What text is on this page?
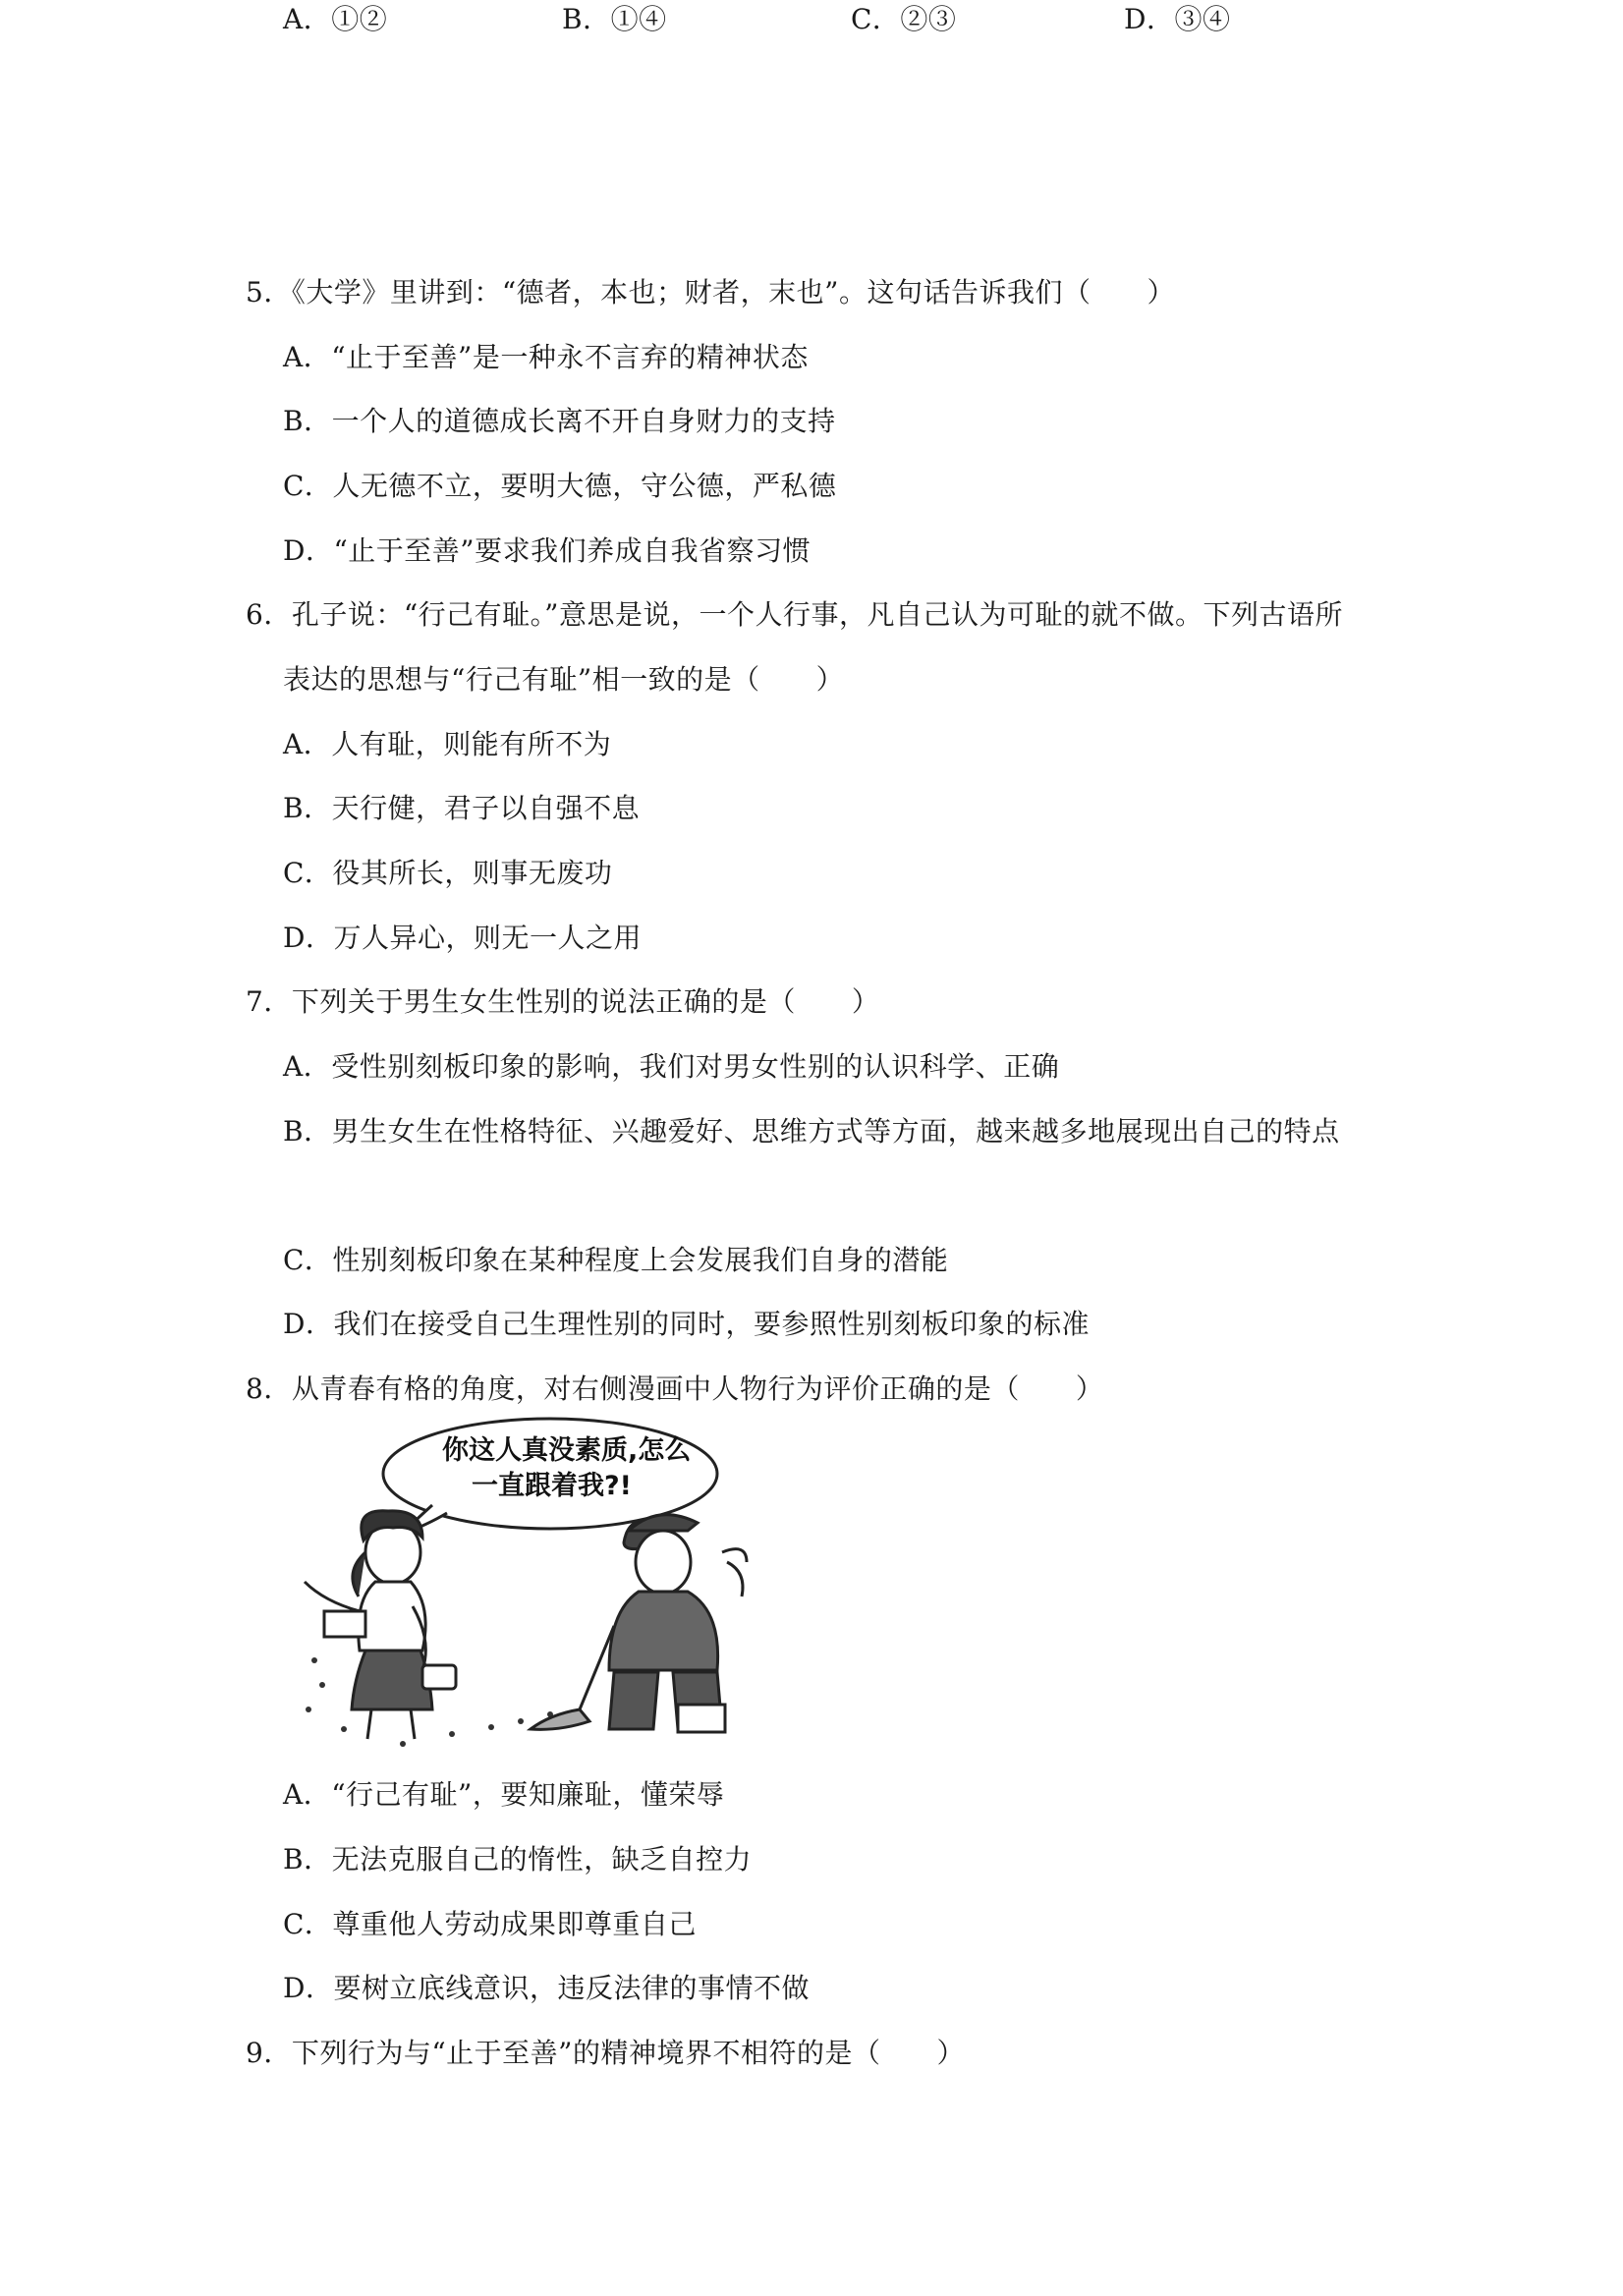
A．①②	B．①④	C．②③	D．③④
5．《大学》里讲到：“德者，本也；财者，末也”。这句话告诉我们（　　）
A．“止于至善”是一种永不言弃的精神状态
B．一个人的道德成长离不开自身财力的支持
C．人无德不立，要明大德，守公德，严私德
D．“止于至善”要求我们养成自我省察习惯
6．孔子说：“行己有耻。”意思是说，一个人行事，凡自己认为可耻的就不做。下列古语所
表达的思想与“行己有耻”相一致的是（　　）
A．人有耻，则能有所不为
B．天行健，君子以自强不息
C．役其所长，则事无废功
D．万人异心，则无一人之用
7．下列关于男生女生性别的说法正确的是（　　）
A．受性别刻板印象的影响，我们对男女性别的认识科学、正确
B．男生女生在性格特征、兴趣爱好、思维方式等方面，越来越多地展现出自己的特点
C．性别刻板印象在某种程度上会发展我们自身的潜能
D．我们在接受自己生理性别的同时，要参照性别刻板印象的标准
8．从青春有格的角度，对右侧漫画中人物行为评价正确的是（　　）
你这人真没素质,怎么
一直跟着我?!
A．“行己有耻”，要知廉耻，懂荣辱
B．无法克服自己的惰性，缺乏自控力
C．尊重他人劳动成果即尊重自己
D．要树立底线意识，违反法律的事情不做
9．下列行为与“止于至善”的精神境界不相符的是（　　）
